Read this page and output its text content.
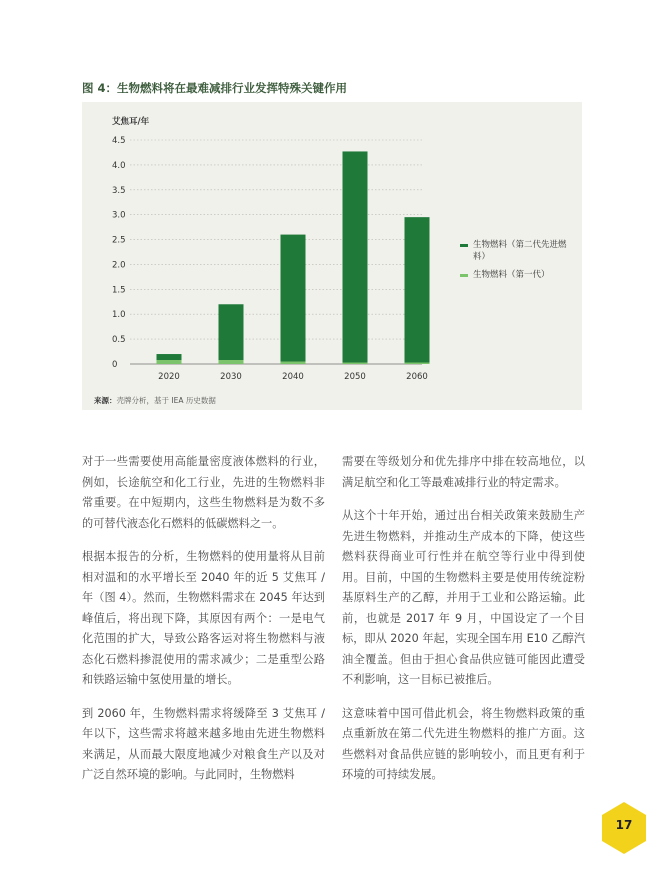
图 4：生物燃料将在最难减排行业发挥特殊关键作用
艾焦耳/年
0
0.5
1.0
1.5
2.0
2.5
3.0
3.5
4.0
4.5
2020	2030	2040	2050	2060
生物燃料（第二代先进燃料）
生物燃料（第一代）
来源：壳牌分析，基于 IEA 历史数据

对于一些需要使用高能量密度液体燃料的行业，例如，长途航空和化工行业，先进的生物燃料非常重要。在中短期内，这些生物燃料是为数不多的可替代液态化石燃料的低碳燃料之一。

根据本报告的分析，生物燃料的使用量将从目前相对温和的水平增长至 2040 年的近 5 艾焦耳 / 年（图 4）。然而，生物燃料需求在 2045 年达到峰值后，将出现下降，其原因有两个：一是电气化范围的扩大，导致公路客运对将生物燃料与液态化石燃料掺混使用的需求减少；二是重型公路和铁路运输中氢使用量的增长。

到 2060 年，生物燃料需求将缓降至 3 艾焦耳 / 年以下，这些需求将越来越多地由先进生物燃料来满足，从而最大限度地减少对粮食生产以及对广泛自然环境的影响。与此同时，生物燃料

需要在等级划分和优先排序中排在较高地位，以满足航空和化工等最难减排行业的特定需求。

从这个十年开始，通过出台相关政策来鼓励生产先进生物燃料，并推动生产成本的下降，使这些燃料获得商业可行性并在航空等行业中得到使用。目前，中国的生物燃料主要是使用传统淀粉基原料生产的乙醇，并用于工业和公路运输。此前，也就是 2017 年 9 月，中国设定了一个目标，即从 2020 年起，实现全国车用 E10 乙醇汽油全覆盖。但由于担心食品供应链可能因此遭受不利影响，这一目标已被推后。

这意味着中国可借此机会，将生物燃料政策的重点重新放在第二代先进生物燃料的推广方面。这些燃料对食品供应链的影响较小，而且更有利于环境的可持续发展。

17
